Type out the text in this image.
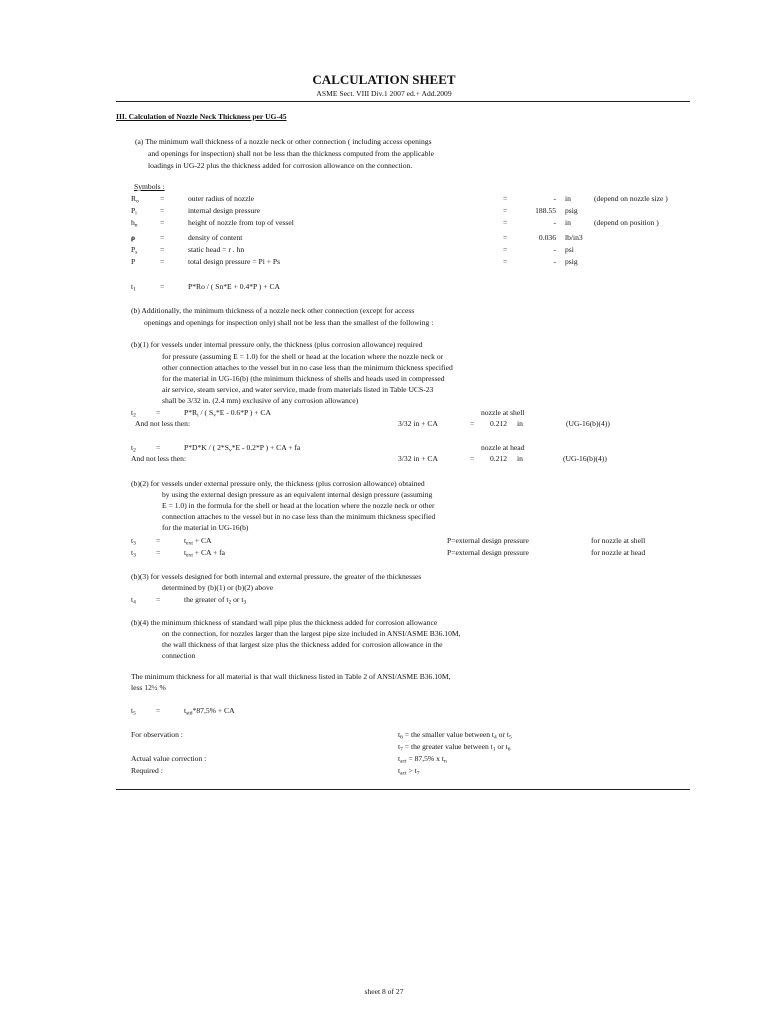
CALCULATION SHEET
ASME Sect. VIII Div.1 2007 ed.+ Add.2009
III. Calculation of Nozzle Neck Thickness per UG-45
(a) The minimum wall thickness of a nozzle neck or other connection ( including access openings
and openings for inspection) shall not be less than the thickness computed from the applicable
loadings in UG-22 plus the thickness added for corrosion allowance on the connection.
Symbols :
$R_o$	=	outer radius of nozzle	=	- in	(depend on nozzle size )
$P_i$	=	internal design pressure	=	188.55 psig
$h_n$	=	height of nozzle from top of vessel	=	- in	(depend on position )
ρ	=	density of content	=	0.036 lb/in3
$P_s$	=	static head = r . hn	=	- psi
P	=	total design pressure = Pi + Ps	=	- psig
$t_1$	=	P*Ro / ( Sn*E + 0.4*P ) + CA
(b) Additionally, the minimum thickness of a nozzle neck other connection (except for access
openings and openings for inspection only) shall not be less than the smallest of the following :
(b)(1) for vessels under internal pressure only, the thickness (plus corrosion allowance) required
for pressure (assuming E = 1.0) for the shell or head at the location where the nozzle neck or
other connection attaches to the vessel but in no case less than the minimum thickness specified
for the material in UG-16(b) (the minimum thickness of shells and heads used in compressed
air service, steam service, and water service, made from materials listed in Table UCS-23
shall be 3/32 in. (2.4 mm) exclusive of any corrosion allowance)
$t_2$	=	$P*R_i$ / ( $S_v*E - 0.6*P$ ) + CA	nozzle at shell
And not less then:	3/32 in + CA	= 0.212 in	(UG-16(b)(4))
$t_2$	=	P*D*K / ( $2*S_v*E - 0.2*P$ ) + CA + fa	nozzle at head
And not less then:	3/32 in + CA	= 0.212 in	(UG-16(b)(4))
(b)(2) for vessels under external pressure only, the thickness (plus corrosion allowance) obtained
by using the external design pressure as an equivalent internal design pressure (assuming
E = 1.0) in the formula for the shell or head at the location where the nozzle neck or other
connection attaches to the vessel but in no case less than the minimum thickness specified
for the material in UG-16(b)
$t_3$	=	$t_{ext}$ + CA	P=external design pressure	for nozzle at shell
$t_3$	=	$t_{ext}$ + CA + fa	P=external design pressure	for nozzle at head
(b)(3) for vessels designed for both internal and external pressure, the greater of the thicknesses
determined by (b)(1) or (b)(2) above
$t_4$	=	the greater of $t_2$ or $t_3$
(b)(4) the minimum thickness of standard wall pipe plus the thickness added for corrosion allowance
on the connection, for nozzles larger than the largest pipe size included in ANSI/ASME B36.10M,
the wall thickness of that largest size plus the thickness added for corrosion allowance in the
connection
The minimum thickness for all material is that wall thickness listed in Table 2 of ANSI/ASME B36.10M,
less 12½ %
$t_5$	=	$t_{std}*87,5\%$ + CA
For observation :	$t_6$ = the smaller value between $t_4$ or $t_5$
$t_7$ = the greater value between $t_1$ or $t_6$
Actual value correction :	$t_{act} = 87,5\%$ x $t_n$
Required :	$t_{act} > t_7$
sheet 8 of 27
